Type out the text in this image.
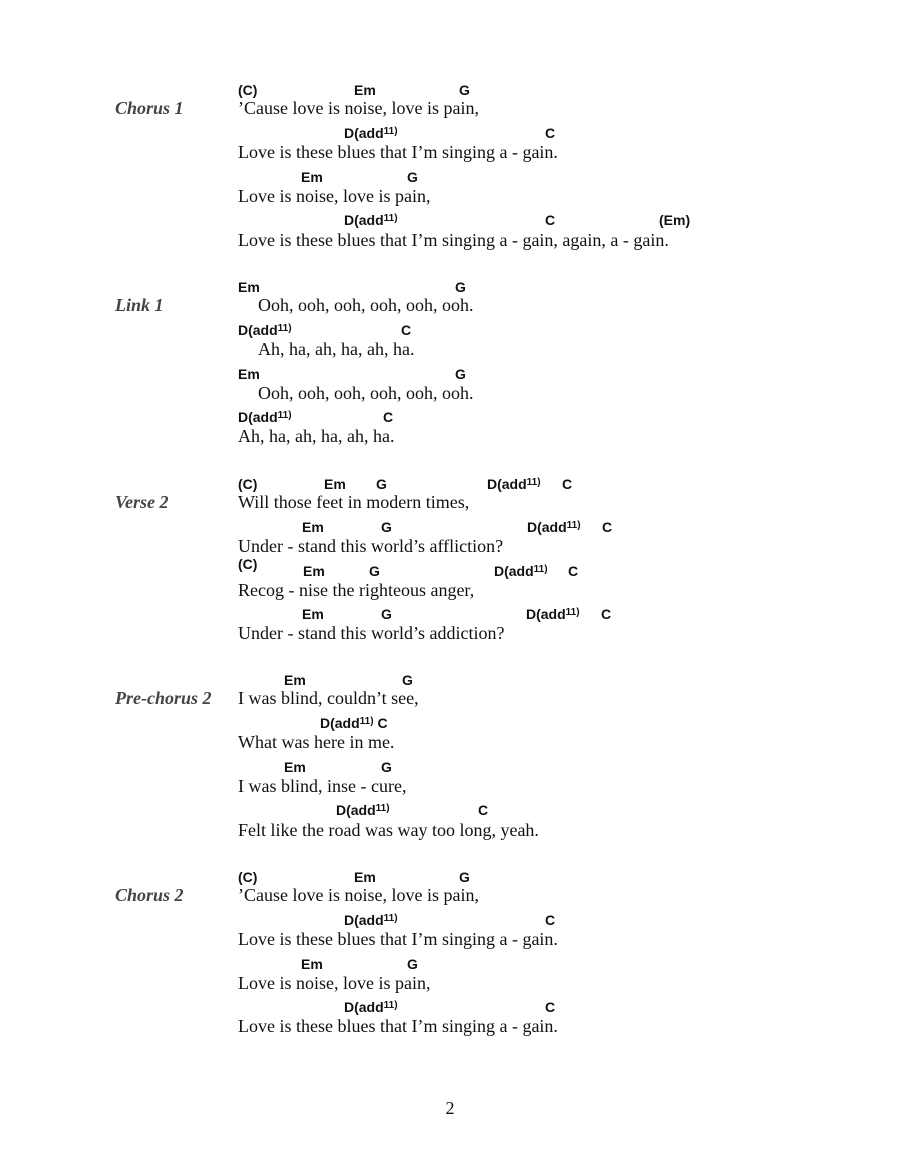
Chorus 1
(C)	Em	G
’Cause love is noise, love is pain,
D(add$^{11)}$	C
Love is these blues that I’m singing a - gain.
Em	G
Love is noise, love is pain,
D(add$^{11)}$	C	(Em)
Love is these blues that I’m singing a - gain, again, a - gain.
Link 1
Em	G
Ooh, ooh, ooh, ooh, ooh, ooh.
D(add$^{11)}$	C
Ah, ha, ah, ha, ah, ha.
Em	G
Ooh, ooh, ooh, ooh, ooh, ooh.
D(add$^{11)}$	C
Ah, ha, ah, ha, ah, ha.
Verse 2
(C)	Em G	D(add$^{11)}$ C
Will those feet in modern times,
Em	G	D(add$^{11)}$ C
Under - stand this world’s affliction?
(C)	Em	G	D(add$^{11)}$ C
Recog - nise the righteous anger,
Em	G	D(add$^{11)}$ C
Under - stand this world’s addiction?
Pre-chorus 2
Em	G
I was blind, couldn’t see,
D(add$^{11)}$ C
What was here in me.
Em	G
I was blind, inse - cure,
D(add$^{11)}$	C
Felt like the road was way too long, yeah.
Chorus 2
(C)	Em	G
’Cause love is noise, love is pain,
D(add$^{11)}$	C
Love is these blues that I’m singing a - gain.
Em	G
Love is noise, love is pain,
D(add$^{11)}$	C
Love is these blues that I’m singing a - gain.
2
